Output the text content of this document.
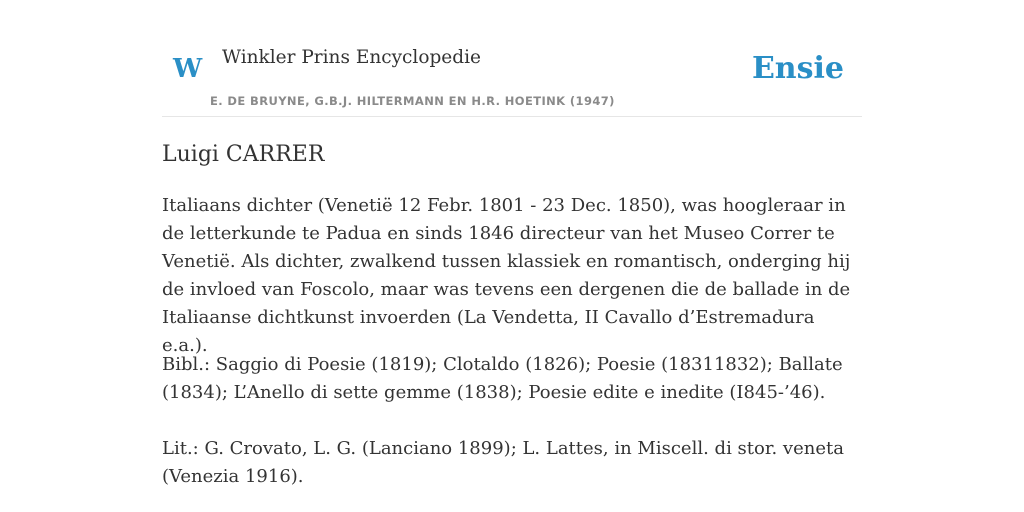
W Winkler Prins Encyclopedie
E. DE BRUYNE, G.B.J. HILTERMANN EN H.R. HOETINK (1947)
Ensie
Luigi CARRER

Italiaans dichter (Venetië 12 Febr. 1801 - 23 Dec. 1850), was hoogleraar in de letterkunde te Padua en sinds 1846 directeur van het Museo Correr te Venetië. Als dichter, zwalkend tussen klassiek en romantisch, onderging hij de invloed van Foscolo, maar was tevens een dergenen die de ballade in de Italiaanse dichtkunst invoerden (La Vendetta, II Cavallo d’Estremadura e.a.).

Bibl.: Saggio di Poesie (1819); Clotaldo (1826); Poesie (18311832); Ballate (1834); L’Anello di sette gemme (1838); Poesie edite e inedite (I845-’46).

Lit.: G. Crovato, L. G. (Lanciano 1899); L. Lattes, in Miscell. di stor. veneta (Venezia 1916).
